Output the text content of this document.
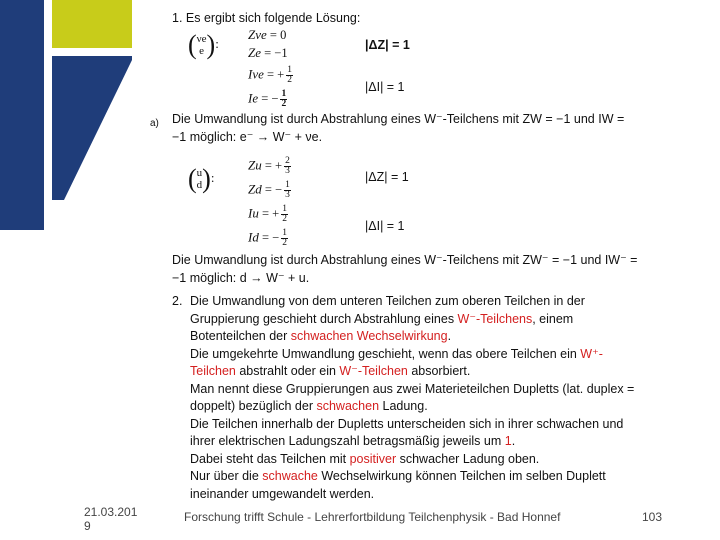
1. Es ergibt sich folgende Lösung:
( νe
e ):
Zνe = 0
Ze = −1
Iνe = + $\frac{1}{2}$
Ie = − $\frac{1}{2}$
|ΔZ| = 1
|ΔI| = 1
a) Die Umwandlung ist durch Abstrahlung eines W⁻-Teilchens mit ZW = −1 und IW =
−1 möglich: e⁻ → W⁻ + νe.
( u
d ):
Zu = + $\frac{2}{3}$
Zd = − $\frac{1}{3}$
Iu = + $\frac{1}{2}$
Id = − $\frac{1}{2}$
|ΔZ| = 1
|ΔI| = 1
Die Umwandlung ist durch Abstrahlung eines W⁻-Teilchens mit ZW⁻ = −1 und IW⁻ =
−1 möglich: d → W⁻ + u.
2. Die Umwandlung von dem unteren Teilchen zum oberen Teilchen in der
Gruppierung geschieht durch Abstrahlung eines W⁻-Teilchens, einem
Botenteilchen der schwachen Wechselwirkung.
Die umgekehrte Umwandlung geschieht, wenn das obere Teilchen ein W⁺-
Teilchen abstrahlt oder ein W⁻-Teilchen absorbiert.
Man nennt diese Gruppierungen aus zwei Materieteilchen Dupletts (lat. duplex =
doppelt) bezüglich der schwachen Ladung.
Die Teilchen innerhalb der Dupletts unterscheiden sich in ihrer schwachen und
ihrer elektrischen Ladungszahl betragsmäßig jeweils um 1.
Dabei steht das Teilchen mit positiver schwacher Ladung oben.
Nur über die schwache Wechselwirkung können Teilchen im selben Duplett
ineinander umgewandelt werden.
21.03.201
9
Forschung trifft Schule - Lehrerfortbildung Teilchenphysik - Bad Honnef	103
